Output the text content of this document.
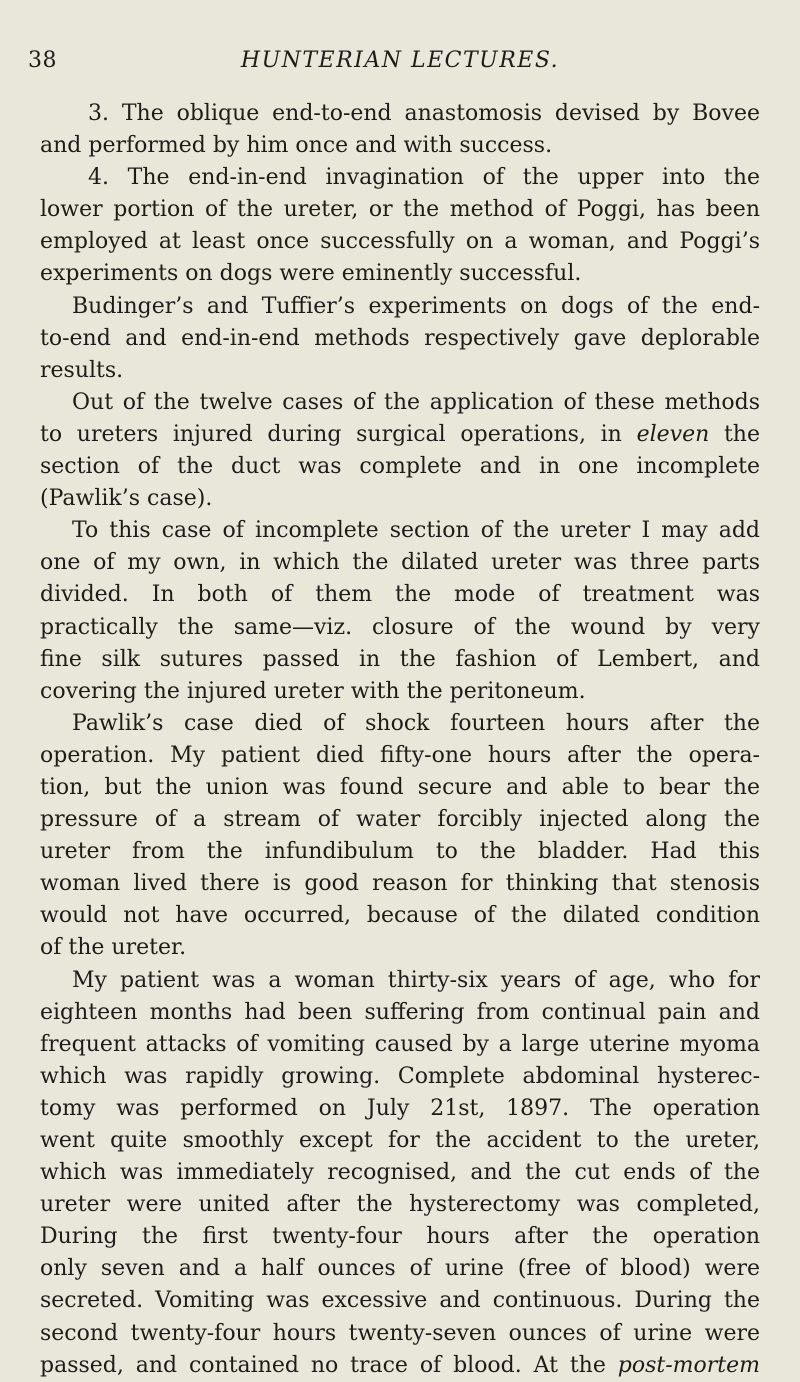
38	HUNTERIAN LECTURES.
3. The oblique end-to-end anastomosis devised by Bovee
and performed by him once and with success.
4. The end-in-end invagination of the upper into the
lower portion of the ureter, or the method of Poggi, has been
employed at least once successfully on a woman, and Poggi’s
experiments on dogs were eminently successful.
Budinger’s and Tuffier’s experiments on dogs of the end-
to-end and end-in-end methods respectively gave deplorable
results.
Out of the twelve cases of the application of these methods
to ureters injured during surgical operations, in eleven the
section of the duct was complete and in one incomplete
(Pawlik’s case).
To this case of incomplete section of the ureter I may add
one of my own, in which the dilated ureter was three parts
divided. In both of them the mode of treatment was
practically the same—viz. closure of the wound by very
fine silk sutures passed in the fashion of Lembert, and
covering the injured ureter with the peritoneum.
Pawlik’s case died of shock fourteen hours after the
operation. My patient died fifty-one hours after the opera-
tion, but the union was found secure and able to bear the
pressure of a stream of water forcibly injected along the
ureter from the infundibulum to the bladder. Had this
woman lived there is good reason for thinking that stenosis
would not have occurred, because of the dilated condition
of the ureter.
My patient was a woman thirty-six years of age, who for
eighteen months had been suffering from continual pain and
frequent attacks of vomiting caused by a large uterine myoma
which was rapidly growing. Complete abdominal hysterec-
tomy was performed on July 21st, 1897. The operation
went quite smoothly except for the accident to the ureter,
which was immediately recognised, and the cut ends of the
ureter were united after the hysterectomy was completed,
During the first twenty-four hours after the operation
only seven and a half ounces of urine (free of blood) were
secreted. Vomiting was excessive and continuous. During the
second twenty-four hours twenty-seven ounces of urine were
passed, and contained no trace of blood. At the post-mortem
